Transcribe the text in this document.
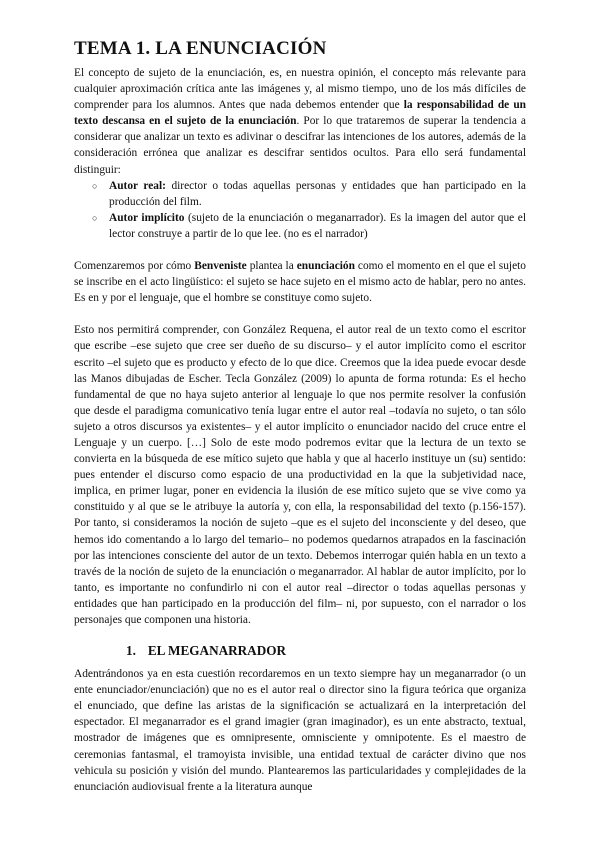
TEMA 1. LA ENUNCIACIÓN

El concepto de sujeto de la enunciación, es, en nuestra opinión, el concepto más relevante para cualquier aproximación crítica ante las imágenes y, al mismo tiempo, uno de los más difíciles de comprender para los alumnos. Antes que nada debemos entender que la responsabilidad de un texto descansa en el sujeto de la enunciación. Por lo que trataremos de superar la tendencia a considerar que analizar un texto es adivinar o descifrar las intenciones de los autores, además de la consideración errónea que analizar es descifrar sentidos ocultos. Para ello será fundamental distinguir:

○ Autor real: director o todas aquellas personas y entidades que han participado en la producción del film.
○ Autor implícito (sujeto de la enunciación o meganarrador). Es la imagen del autor que el lector construye a partir de lo que lee. (no es el narrador)

Comenzaremos por cómo Benveniste plantea la enunciación como el momento en el que el sujeto se inscribe en el acto lingüístico: el sujeto se hace sujeto en el mismo acto de hablar, pero no antes. Es en y por el lenguaje, que el hombre se constituye como sujeto.

Esto nos permitirá comprender, con González Requena, el autor real de un texto como el escritor que escribe –ese sujeto que cree ser dueño de su discurso– y el autor implícito como el escritor escrito –el sujeto que es producto y efecto de lo que dice. Creemos que la idea puede evocar desde las Manos dibujadas de Escher. Tecla González (2009) lo apunta de forma rotunda: Es el hecho fundamental de que no haya sujeto anterior al lenguaje lo que nos permite resolver la confusión que desde el paradigma comunicativo tenía lugar entre el autor real –todavía no sujeto, o tan sólo sujeto a otros discursos ya existentes– y el autor implícito o enunciador nacido del cruce entre el Lenguaje y un cuerpo. […] Solo de este modo podremos evitar que la lectura de un texto se convierta en la búsqueda de ese mítico sujeto que habla y que al hacerlo instituye un (su) sentido: pues entender el discurso como espacio de una productividad en la que la subjetividad nace, implica, en primer lugar, poner en evidencia la ilusión de ese mítico sujeto que se vive como ya constituido y al que se le atribuye la autoría y, con ella, la responsabilidad del texto (p.156-157). Por tanto, si consideramos la noción de sujeto –que es el sujeto del inconsciente y del deseo, que hemos ido comentando a lo largo del temario– no podemos quedarnos atrapados en la fascinación por las intenciones consciente del autor de un texto. Debemos interrogar quién habla en un texto a través de la noción de sujeto de la enunciación o meganarrador. Al hablar de autor implícito, por lo tanto, es importante no confundirlo ni con el autor real –director o todas aquellas personas y entidades que han participado en la producción del film– ni, por supuesto, con el narrador o los personajes que componen una historia.

1. EL MEGANARRADOR

Adentrándonos ya en esta cuestión recordaremos en un texto siempre hay un meganarrador (o un ente enunciador/enunciación) que no es el autor real o director sino la figura teórica que organiza el enunciado, que define las aristas de la significación se actualizará en la interpretación del espectador. El meganarrador es el grand imagier (gran imaginador), es un ente abstracto, textual, mostrador de imágenes que es omnipresente, omnisciente y omnipotente. Es el maestro de ceremonias fantasmal, el tramoyista invisible, una entidad textual de carácter divino que nos vehicula su posición y visión del mundo. Plantearemos las particularidades y complejidades de la enunciación audiovisual frente a la literatura aunque
